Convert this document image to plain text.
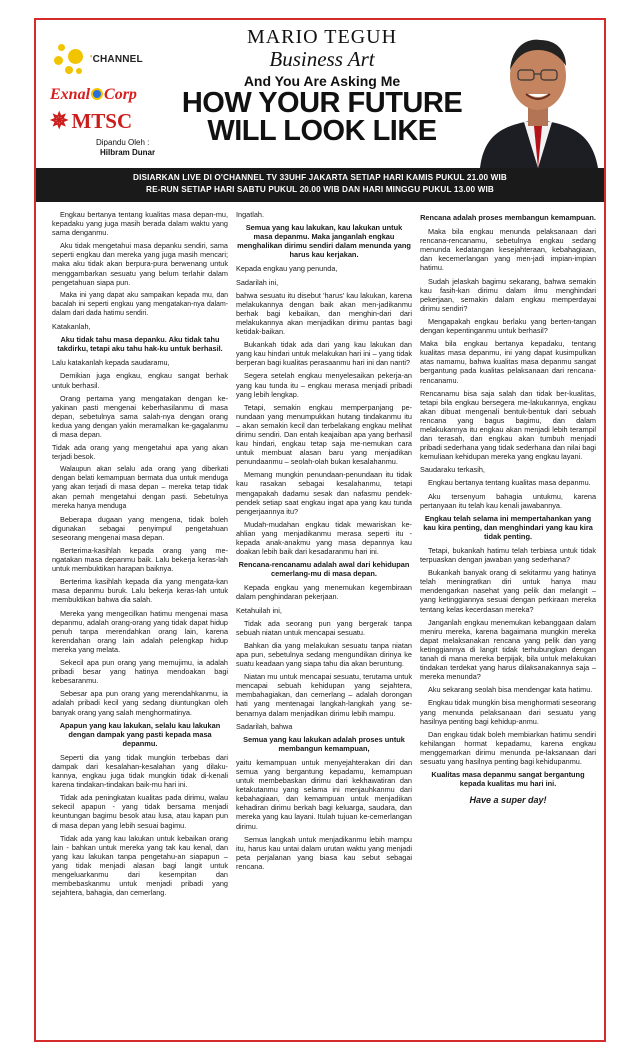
'CHANNEL
Exnal Corp
✵ MTSC
Dipandu Oleh :
Hilbram Dunar
MARIO TEGUH
Business Art
And You Are Asking Me
HOW YOUR FUTURE
WILL LOOK LIKE
DISIARKAN LIVE DI O'CHANNEL TV 33UHF JAKARTA SETIAP HARI KAMIS PUKUL 21.00 WIB
RE-RUN SETIAP HARI SABTU PUKUL 20.00 WIB DAN HARI MINGGU PUKUL 13.00 WIB

Engkau bertanya tentang kualitas masa depan-mu, kepadaku yang juga masih berada dalam waktu yang sama denganmu.

Aku tidak mengetahui masa depanku sendiri, sama seperti engkau dan mereka yang juga masih mencari; maka aku tidak akan berpura-pura berwenang untuk menggambarkan sesuatu yang belum terlahir dalam pengetahuan siapa pun.

Maka ini yang dapat aku sampaikan kepada mu, dan bacalah ini seperti engkau yang mengatakan-nya dalam-dalam dari dada hatimu sendiri.

Katakanlah,

Aku tidak tahu masa depanku. Aku tidak tahu takdirku, tetapi aku tahu hak-ku untuk berhasil.

Lalu katakanlah kepada saudaramu,

Demikian juga engkau, engkau sangat berhak untuk berhasil.

Orang pertama yang mengatakan dengan ke-yakinan pasti mengenai keberhasilanmu di masa depan, sebetulnya sama salah-nya dengan orang kedua yang dengan yakin meramalkan ke-gagalanmu di masa depan.

Tidak ada orang yang mengetahui apa yang akan terjadi besok.

Walaupun akan selalu ada orang yang diberkati dengan belati kemampuan bermata dua untuk menduga yang akan terjadi di masa depan – mereka tetap tidak akan pernah mengetahui dengan pasti. Sebetulnya mereka hanya menduga

Beberapa dugaan yang mengena, tidak boleh digunakan sebagai penyimpul pengetahuan seseorang mengenai masa depan.

Berterima-kasihlah kepada orang yang me-ngatakan masa depanmu baik. Lalu bekerja keras-lah untuk membuktikan harapan baiknya.

Berterima kasihlah kepada dia yang mengata-kan masa depanmu buruk. Lalu bekerja keras-lah untuk membuktikan bahwa dia salah.

Mereka yang mengecilkan hatimu mengenai masa depanmu, adalah orang-orang yang tidak dapat hidup penuh tanpa merendahkan orang lain, karena kerendahan orang lain adalah pelengkap hidup mereka yang melata.

Sekecil apa pun orang yang memujimu, ia adalah pribadi besar yang hatinya mendoakan bagi kebesaranmu.

Sebesar apa pun orang yang merendahkanmu, ia adalah pribadi kecil yang sedang diuntungkan oleh banyak orang yang salah menghormatinya.

Apapun yang kau lakukan, selalu kau lakukan dengan dampak yang pasti kepada masa depanmu.

Seperti dia yang tidak mungkin terbebas dari dampak dari kesalahan-kesalahan yang dilaku-kannya, engkau juga tidak mungkin tidak di-kenali karena tindakan-tindakan baik-mu hari ini.

Tidak ada peningkatan kualitas pada dirimu, walau sekecil apapun - yang tidak bersama menjadi keuntungan bagimu besok atau lusa, atau kapan pun di masa depan yang lebih sesuai bagimu.

Tidak ada yang kau lakukan untuk kebaikan orang lain - bahkan untuk mereka yang tak kau kenal, dan yang kau lakukan tanpa pengetahu-an siapapun – yang tidak menjadi alasan bagi langit untuk mengeluarkanmu dari kesempitan dan membebaskanmu untuk menjadi pribadi yang sejahtera, bahagia, dan cemerlang.

Ingatlah.

Semua yang kau lakukan, kau lakukan untuk masa depanmu. Maka janganlah engkau menghalikan dirimu sendiri dalam menunda yang harus kau kerjakan.

Kepada engkau yang penunda,

Sadarilah ini,

bahwa sesuatu itu disebut 'harus' kau lakukan, karena melakukannya dengan baik akan men-jadikanmu berhak bagi kebaikan, dan menghin-dari dari melakukannya akan menjadikan dirimu pantas bagi ketidak-baikan.

Bukankah tidak ada dari yang kau lakukan dan yang kau hindari untuk melakukan hari ini – yang tidak berperan bagi kualitas perasaanmu hari ini dan nanti?

Segera setelah engkau menyelesaikan pekerja-an yang kau tunda itu – engkau merasa menjadi pribadi yang lebih lengkap.

Tetapi, semakin engkau memperpanjang pe-nundaan yang menumpukkan hutang tindakanmu itu – akan semakin kecil dan terbelakang engkau melihat dirimu sendiri. Dan entah keajaiban apa yang berhasil kau hindari, engkau tetap saja me-nemukan cara untuk membuat alasan baru yang menjadikan penundaanmu – seolah-olah bukan kesalahanmu.

Memang mungkin penundaan-penundaan itu tidak kau rasakan sebagai kesalahanmu, tetapi mengapakah dadamu sesak dan nafasmu pendek-pendek setiap saat engkau ingat apa yang kau tunda pengerjaannya itu?

Mudah-mudahan engkau tidak mewariskan ke-ahlian yang menjadikanmu merasa seperti itu - kepada anak-anakmu yang masa depannya kau doakan lebih baik dari kesadaranmu hari ini.

Rencana-rencanamu adalah awal dari kehidupan cemerlang-mu di masa depan.

Kepada engkau yang menemukan kegembiraan dalam penghindaran pekerjaan.

Ketahuilah ini,

Tidak ada seorang pun yang bergerak tanpa sebuah niatan untuk mencapai sesuatu.

Bahkan dia yang melakukan sesuatu tanpa niatan apa pun, sebetulnya sedang mengundikan dirinya ke suatu keadaan yang siapa tahu dia akan beruntung.

Niatan mu untuk mencapai sesuatu, terutama untuk mencapai sebuah kehidupan yang sejahtera, membahagiakan, dan cemerlang – adalah dorongan hati yang mentenagai langkah-langkah yang se-benarnya dalam menjadikan dirimu lebih mampu.

Sadarilah, bahwa

Semua yang kau lakukan adalah proses untuk membangun kemampuan,

yaitu kemampuan untuk menyejahterakan diri dan semua yang bergantung kepadamu, kemampuan untuk membebaskan dirimu dari kekhawatiran dan ketakutanmu yang selama ini menjauhkanmu dari kebahagiaan, dan kemampuan untuk menjadikan kehadiran dirimu berkah bagi keluarga, saudara, dan mereka yang kau layani. Itulah tujuan ke-cemerlangan dirimu.

Semua langkah untuk menjadikanmu lebih mampu itu, harus kau untai dalam urutan waktu yang menjadi peta perjalanan yang biasa kau sebut sebagai rencana.

Rencana adalah proses membangun kemampuan.

Maka bila engkau menunda pelaksanaan dari rencana-rencanamu, sebetulnya engkau sedang menunda kedatangan kesejahteraan, kebahagiaan, dan kecemerlangan yang men-jadi impian-impian hatimu.

Sudah jelaskah bagimu sekarang, bahwa semakin kau fasih-kan dirimu dalam ilmu menghindari pekerjaan, semakin dalam engkau memperdayai dirimu sendiri?

Mengapakah engkau berlaku yang berten-tangan dengan kepentinganmu untuk berhasil?

Maka bila engkau bertanya kepadaku, tentang kualitas masa depanmu, ini yang dapat kusimpulkan atas namamu, bahwa kualitas masa depanmu sangat bergantung pada kualitas pelaksanaan dari rencana-rencanamu.

Rencanamu bisa saja salah dan tidak ber-kualitas, tetapi bila engkau bersegera me-lakukannya, engkau akan dibuat mengenali bentuk-bentuk dari sebuah rencana yang bagus bagimu, dan dalam melakukannya itu engkau akan menjadi lebih terampil dan terasah, dan engkau akan tumbuh menjadi pribadi sederhana yang tidak sederhana dan nilai bagi kemuliaan kehidupan mereka yang engkau layani.

Saudaraku terkasih,

Engkau bertanya tentang kualitas masa depanmu.

Aku tersenyum bahagia untukmu, karena pertanyaan itu telah kau kenali jawabannya.

Engkau telah selama ini mempertahankan yang kau kira penting, dan menghindari yang kau kira tidak penting.

Tetapi, bukankah hatimu telah terbiasa untuk tidak terpuaskan dengan jawaban yang sederhana?

Bukankah banyak orang di sekitarmu yang hatinya telah meningratkan diri untuk hanya mau mendengarkan nasehat yang pelik dan melangit – yang ketinggiannya sesuai dengan perkiraan mereka tentang kelas kecerdasan mereka?

Janganlah engkau menemukan kebanggaan dalam meniru mereka, karena bagaimana mungkin mereka dapat melaksanakan rencana yang pelik dan yang ketinggiannya di langit tidak terhubungkan dengan tanah di mana mereka berpijak, bila untuk melakukan tindakan terdekat yang harus dilaksanakannya saja – mereka menunda?

Aku sekarang seolah bisa mendengar kata hatimu.

Engkau tidak mungkin bisa menghormati seseorang yang menunda pelaksanaan dari sesuatu yang hasilnya penting bagi kehidup-anmu.

Dan engkau tidak boleh membiarkan hatimu sendiri kehilangan hormat kepadamu, karena engkau menggemarkan dirimu menunda pe-laksanaan dari sesuatu yang hasilnya penting bagi kehidupanmu.

Kualitas masa depanmu sangat bergantung kepada kualitas mu hari ini.

Have a super day!
